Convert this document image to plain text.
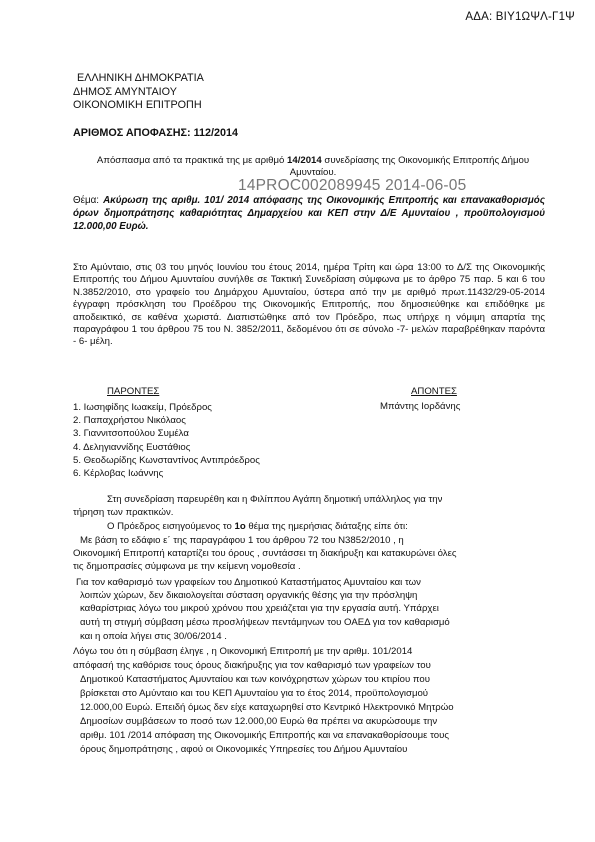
ΑΔΑ: ΒΙΥ1ΩΨΛ-Γ1Ψ
ΕΛΛΗΝΙΚΗ ΔΗΜΟΚΡΑΤΙΑ
ΔΗΜΟΣ ΑΜΥΝΤΑΙΟΥ
ΟΙΚΟΝΟΜΙΚΗ ΕΠΙΤΡΟΠΗ
ΑΡΙΘΜΟΣ ΑΠΟΦΑΣΗΣ: 112/2014
Απόσπασμα από τα πρακτικά της με αριθμό 14/2014 συνεδρίασης της Οικονομικής Επιτροπής Δήμου Αμυνταίου.
14PROC002089945 2014-06-05
Θέμα: Ακύρωση της αριθμ. 101/ 2014 απόφασης της Οικονομικής Επιτροπής και επανακαθορισμός όρων δημοπράτησης καθαριότητας Δημαρχείου και ΚΕΠ στην Δ/Ε Αμυνταίου , προϋπολογισμού 12.000,00 Ευρώ.
Στο Αμύνταιο, στις 03 του μηνός Ιουνίου του έτους 2014, ημέρα Τρίτη και ώρα 13:00 το Δ/Σ της Οικονομικής Επιτροπής του Δήμου Αμυνταίου συνήλθε σε Τακτική Συνεδρίαση σύμφωνα με το άρθρο 75 παρ. 5 και 6 του Ν.3852/2010, στο γραφείο του Δημάρχου Αμυνταίου, ύστερα από την με αριθμό πρωτ.11432/29-05-2014 έγγραφη πρόσκληση του Προέδρου της Οικονομικής Επιτροπής, που δημοσιεύθηκε και επιδόθηκε με αποδεικτικό, σε καθένα χωριστά. Διαπιστώθηκε από τον Πρόεδρο, πως υπήρχε η νόμιμη απαρτία της παραγράφου 1 του άρθρου 75 του Ν. 3852/2011, δεδομένου ότι σε σύνολο -7- μελών παραβρέθηκαν παρόντα - 6- μέλη.
ΠΑΡΟΝΤΕΣ	ΑΠΟΝΤΕΣ
1. Ιωσηφίδης Ιωακείμ, Πρόεδρος
2. Παπαχρήστου Νικόλαος
3. Γιαννιτσοπούλου Συμέλα
4. Δεληγιαννίδης Ευστάθιος
5. Θεοδωρίδης Κωνσταντίνος Αντιπρόεδρος
6. Κέρλοβας Ιωάννης
Μπάντης Ιορδάνης
Στη συνεδρίαση παρευρέθη και η Φιλίππου Αγάπη δημοτική υπάλληλος για την
τήρηση των πρακτικών.
Ο Πρόεδρος εισηγούμενος το 1ο θέμα της ημερήσιας διάταξης είπε ότι:
Με βάση το εδάφιο ε΄ της παραγράφου 1 του άρθρου 72 του Ν3852/2010 , η
Οικονομική Επιτροπή καταρτίζει του όρους , συντάσσει τη διακήρυξη και κατακυρώνει όλες
τις δημοπρασίες σύμφωνα με την κείμενη νομοθεσία .
Για τον καθαρισμό των γραφείων του Δημοτικού Καταστήματος Αμυνταίου και των
λοιπών χώρων, δεν δικαιολογείται σύσταση οργανικής θέσης για την πρόσληψη
καθαρίστριας λόγω του μικρού χρόνου που χρειάζεται για την εργασία αυτή. Υπάρχει
αυτή τη στιγμή σύμβαση μέσω προσλήψεων πεντάμηνων του ΟΑΕΔ για τον καθαρισμό
και η οποία λήγει στις 30/06/2014 .
Λόγω του ότι η σύμβαση έληγε , η Οικονομική Επιτροπή με την αριθμ. 101/2014
απόφασή της καθόρισε τους όρους διακήρυξης για τον καθαρισμό των γραφείων του
Δημοτικού Καταστήματος Αμυνταίου και των κοινόχρηστων χώρων του κτιρίου που
βρίσκεται στο Αμύνταιο και του ΚΕΠ Αμυνταίου για το έτος 2014, προϋπολογισμού
12.000,00 Ευρώ. Επειδή όμως δεν είχε καταχωρηθεί στο Κεντρικό Ηλεκτρονικό Μητρώο
Δημοσίων συμβάσεων το ποσό των 12.000,00 Ευρώ θα πρέπει να ακυρώσουμε την
αριθμ. 101 /2014 απόφαση της Οικονομικής Επιτροπής και να επανακαθορίσουμε τους
όρους δημοπράτησης , αφού οι Οικονομικές Υπηρεσίες του Δήμου Αμυνταίου
